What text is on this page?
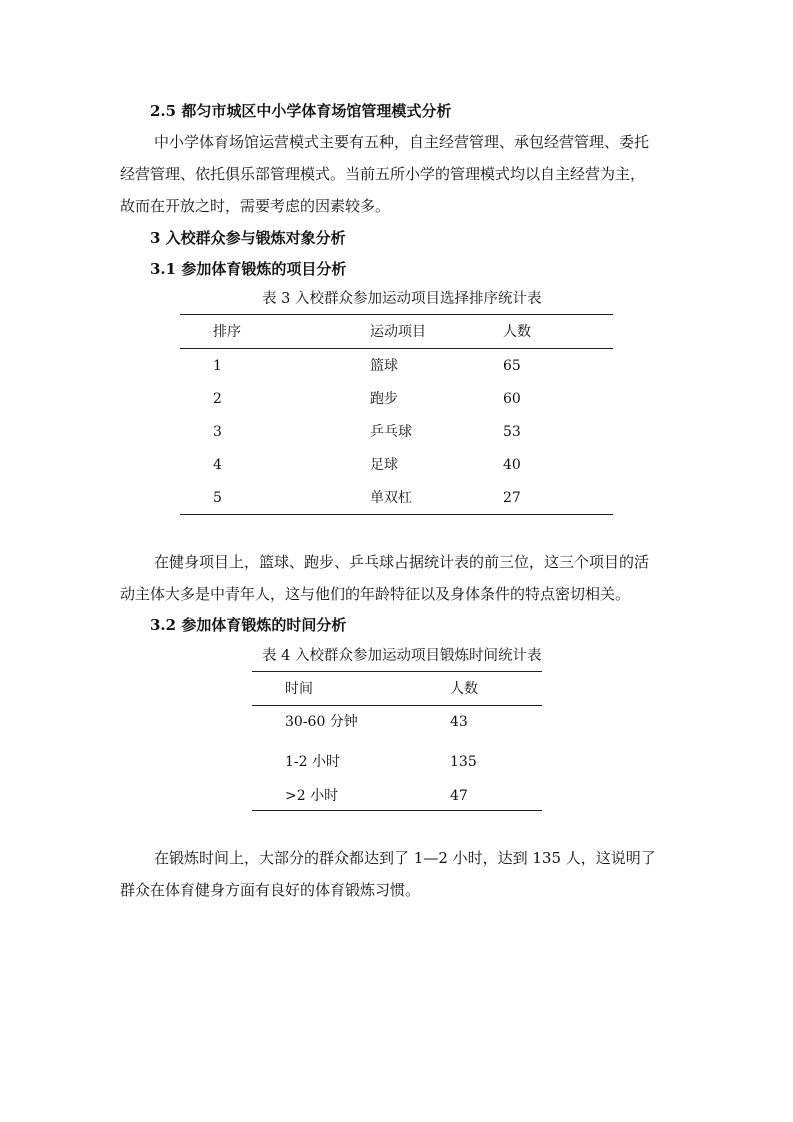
2.5 都匀市城区中小学体育场馆管理模式分析
中小学体育场馆运营模式主要有五种，自主经营管理、承包经营管理、委托
经营管理、依托俱乐部管理模式。当前五所小学的管理模式均以自主经营为主，
故而在开放之时，需要考虑的因素较多。
3 入校群众参与锻炼对象分析
3.1 参加体育锻炼的项目分析
表 3 入校群众参加运动项目选择排序统计表
排序	运动项目	人数
1	篮球	65
2	跑步	60
3	乒乓球	53
4	足球	40
5	单双杠	27
在健身项目上，篮球、跑步、乒乓球占据统计表的前三位，这三个项目的活
动主体大多是中青年人，这与他们的年龄特征以及身体条件的特点密切相关。
3.2 参加体育锻炼的时间分析
表 4 入校群众参加运动项目锻炼时间统计表
时间	人数
30-60 分钟	43
1-2 小时	135
>2 小时	47
在锻炼时间上，大部分的群众都达到了 1—2 小时，达到 135 人，这说明了
群众在体育健身方面有良好的体育锻炼习惯。
